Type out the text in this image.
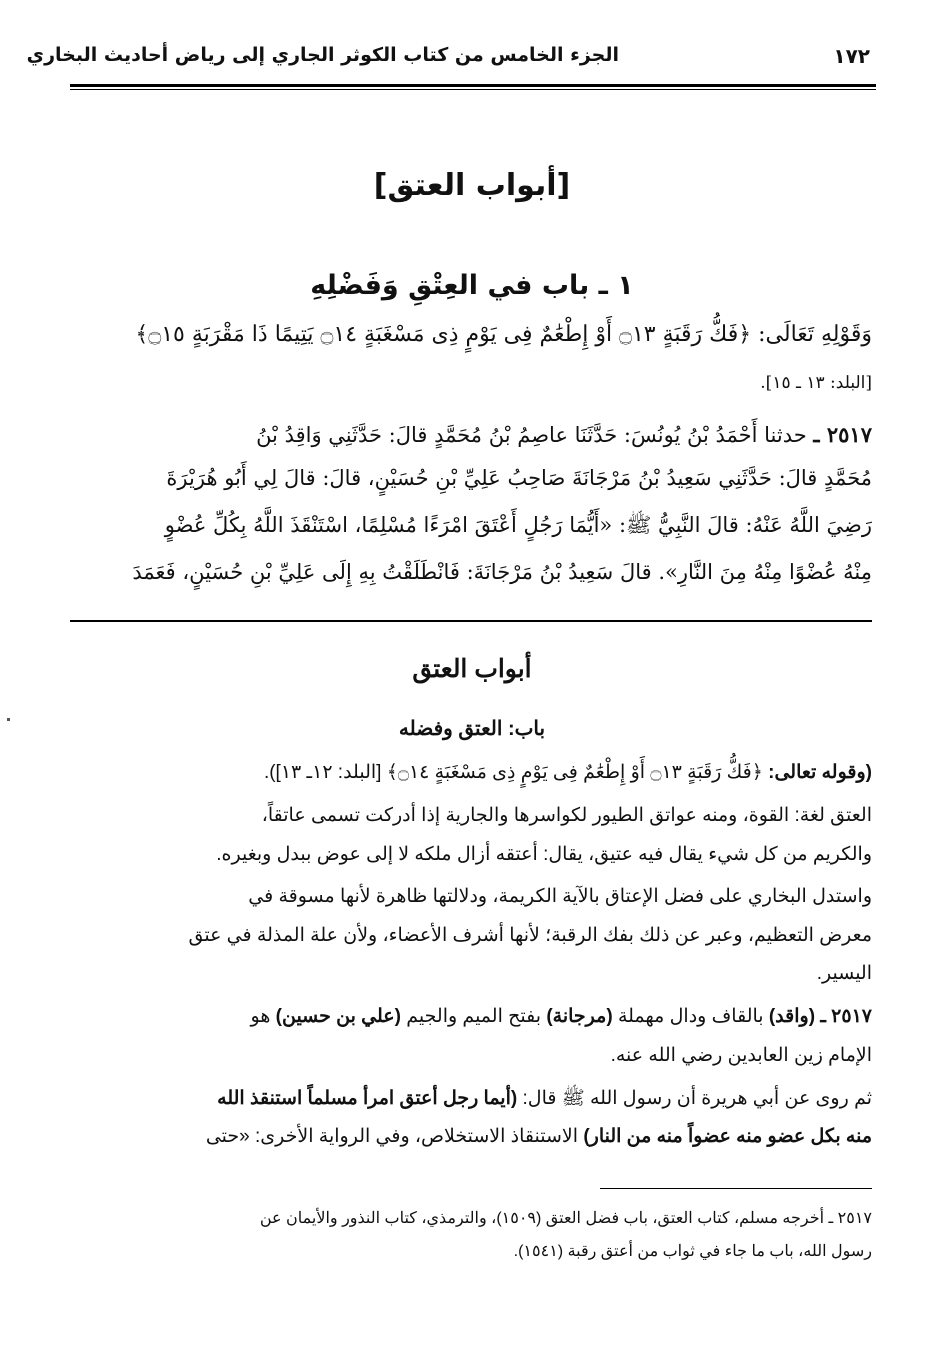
الجزء الخامس من كتاب الكوثر الجاري إلى رياض أحاديث البخاري	١٧٢
[أبواب العتق]
١ ـ باب في العِتْقِ وَفَضْلِهِ
وَقَوْلِهِ تَعَالَى: ﴿فَكُّ رَقَبَةٍ ۝١٣ أَوْ إِطْعَٰمٌ فِى يَوْمٍ ذِى مَسْغَبَةٍ ۝١٤ يَتِيمًا ذَا مَقْرَبَةٍ ۝١٥﴾
[البلد: ١٣ ـ ١٥].
٢٥١٧ ـ حدثنا أَحْمَدُ بْنُ يُونُسَ: حَدَّثَنَا عاصِمُ بْنُ مُحَمَّدٍ قالَ: حَدَّثَنِي وَاقِدُ بْنُ
مُحَمَّدٍ قالَ: حَدَّثَنِي سَعِيدُ بْنُ مَرْجَانَةَ صَاحِبُ عَلِيِّ بْنِ حُسَيْنٍ، قالَ: قالَ لِي أَبُو هُرَيْرَةَ
رَضِيَ اللَّهُ عَنْهُ: قالَ النَّبِيُّ ﷺ: «أَيُّمَا رَجُلٍ أَعْتَقَ امْرَءًا مُسْلِمًا، اسْتَنْقَذَ اللَّهُ بِكُلِّ عُضْوٍ
مِنْهُ عُضْوًا مِنْهُ مِنَ النَّارِ». قالَ سَعِيدُ بْنُ مَرْجَانَةَ: فَانْطَلَقْتُ بِهِ إِلَى عَلِيِّ بْنِ حُسَيْنٍ، فَعَمَدَ
أبواب العتق
باب: العتق وفضله
(وقوله تعالى: ﴿فَكُّ رَقَبَةٍ ۝١٣ أَوْ إِطْعَٰمٌ فِى يَوْمٍ ذِى مَسْغَبَةٍ ۝١٤﴾ [البلد: ١٢ـ ١٣]).
العتق لغة: القوة، ومنه عواتق الطيور لكواسرها والجارية إذا أدركت تسمى عاتقاً،
والكريم من كل شيء يقال فيه عتيق، يقال: أعتقه أزال ملكه لا إلى عوض ببدل وبغيره.
واستدل البخاري على فضل الإعتاق بالآية الكريمة، ودلالتها ظاهرة لأنها مسوقة في
معرض التعظيم، وعبر عن ذلك بفك الرقبة؛ لأنها أشرف الأعضاء، ولأن علة المذلة في عتق
اليسير.
٢٥١٧ ـ (واقد) بالقاف ودال مهملة (مرجانة) بفتح الميم والجيم (علي بن حسين) هو
الإمام زين العابدين رضي الله عنه.
ثم روى عن أبي هريرة أن رسول الله ﷺ قال: (أيما رجل أعتق امرأ مسلماً استنقذ الله
منه بكل عضو منه عضواً منه من النار) الاستنقاذ الاستخلاص، وفي الرواية الأخرى: «حتى
٢٥١٧ ـ أخرجه مسلم، كتاب العتق، باب فضل العتق (١٥٠٩)، والترمذي، كتاب النذور والأيمان عن
رسول الله، باب ما جاء في ثواب من أعتق رقبة (١٥٤١).
